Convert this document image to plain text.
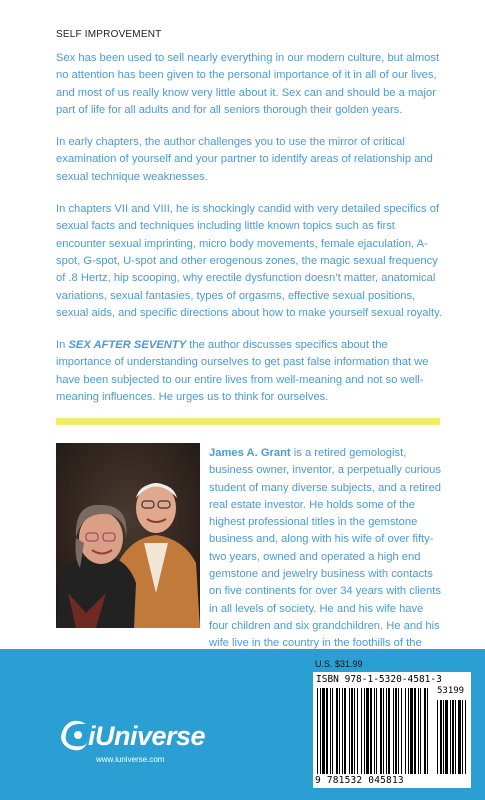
SELF IMPROVEMENT

Sex has been used to sell nearly everything in our modern culture, but almost no attention has been given to the personal importance of it in all of our lives, and most of us really know very little about it. Sex can and should be a major part of life for all adults and for all seniors thorough their golden years.

In early chapters, the author challenges you to use the mirror of critical examination of yourself and your partner to identify areas of relationship and sexual technique weaknesses.

In chapters VII and VIII, he is shockingly candid with very detailed specifics of sexual facts and techniques including little known topics such as first encounter sexual imprinting, micro body movements, female ejaculation, A-spot, G-spot, U-spot and other erogenous zones, the magic sexual frequency of .8 Hertz, hip scooping, why erectile dysfunction doesn’t matter, anatomical variations, sexual fantasies, types of orgasms, effective sexual positions, sexual aids, and specific directions about how to make yourself sexual royalty.

In SEX AFTER SEVENTY the author discusses specifics about the importance of understanding ourselves to get past false information that we have been subjected to our entire lives from well-meaning and not so well-meaning influences. He urges us to think for ourselves.

James A. Grant is a retired gemologist, business owner, inventor, a perpetually curious student of many diverse subjects, and a retired real estate investor. He holds some of the highest professional titles in the gemstone business and, along with his wife of over fifty-two years, owned and operated a high end gemstone and jewelry business with contacts on five continents for over 34 years with clients in all levels of society. He and his wife have four children and six grandchildren. He and his wife live in the country in the foothills of the
U.S. $31.99
ISBN 978-1-5320-4581-3
53199
9 781532 045813
iUniverse
www.iuniverse.com
